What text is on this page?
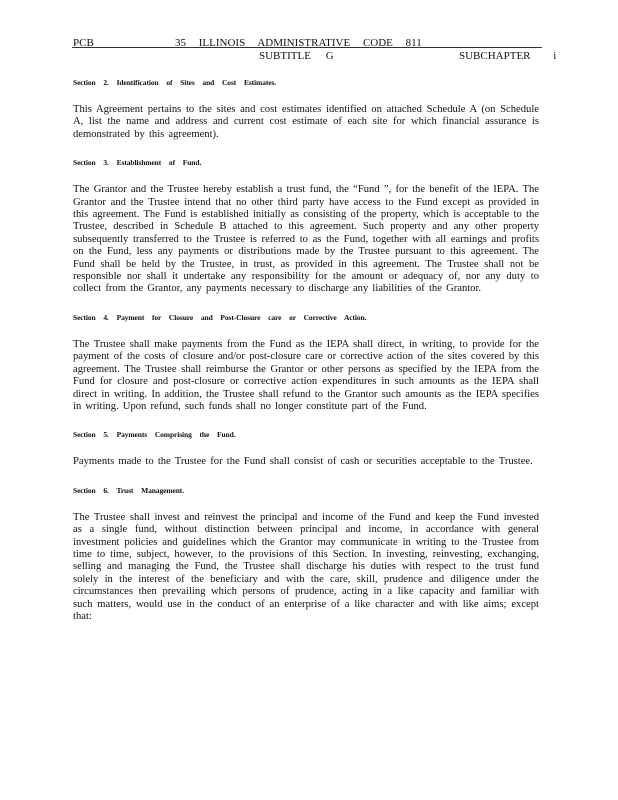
PCB	35 ILLINOIS ADMINISTRATIVE CODE 811
SUBTITLE G	SUBCHAPTER i
Section 2. Identification of Sites and Cost Estimates.

This Agreement pertains to the sites and cost estimates identified on attached Schedule A (on Schedule A, list the name and address and current cost estimate of each site for which financial assurance is demonstrated by this agreement).

Section 3. Establishment of Fund.

The Grantor and the Trustee hereby establish a trust fund, the “Fund ”, for the benefit of the IEPA. The Grantor and the Trustee intend that no other third party have access to the Fund except as provided in this agreement. The Fund is established initially as consisting of the property, which is acceptable to the Trustee, described in Schedule B attached to this agreement. Such property and any other property subsequently transferred to the Trustee is referred to as the Fund, together with all earnings and profits on the Fund, less any payments or distributions made by the Trustee pursuant to this agreement. The Fund shall be held by the Trustee, in trust, as provided in this agreement. The Trustee shall not be responsible nor shall it undertake any responsibility for the amount or adequacy of, nor any duty to collect from the Grantor, any payments necessary to discharge any liabilities of the Grantor.

Section 4. Payment for Closure and Post-Closure care or Corrective Action.

The Trustee shall make payments from the Fund as the IEPA shall direct, in writing, to provide for the payment of the costs of closure and/or post-closure care or corrective action of the sites covered by this agreement. The Trustee shall reimburse the Grantor or other persons as specified by the IEPA from the Fund for closure and post-closure or corrective action expenditures in such amounts as the IEPA shall direct in writing. In addition, the Trustee shall refund to the Grantor such amounts as the IEPA specifies in writing. Upon refund, such funds shall no longer constitute part of the Fund.

Section 5. Payments Comprising the Fund.

Payments made to the Trustee for the Fund shall consist of cash or securities acceptable to the Trustee.

Section 6. Trust Management.

The Trustee shall invest and reinvest the principal and income of the Fund and keep the Fund invested as a single fund, without distinction between principal and income, in accordance with general investment policies and guidelines which the Grantor may communicate in writing to the Trustee from time to time, subject, however, to the provisions of this Section. In investing, reinvesting, exchanging, selling and managing the Fund, the Trustee shall discharge his duties with respect to the trust fund solely in the interest of the beneficiary and with the care, skill, prudence and diligence under the circumstances then prevailing which persons of prudence, acting in a like capacity and familiar with such matters, would use in the conduct of an enterprise of a like character and with like aims; except that:
